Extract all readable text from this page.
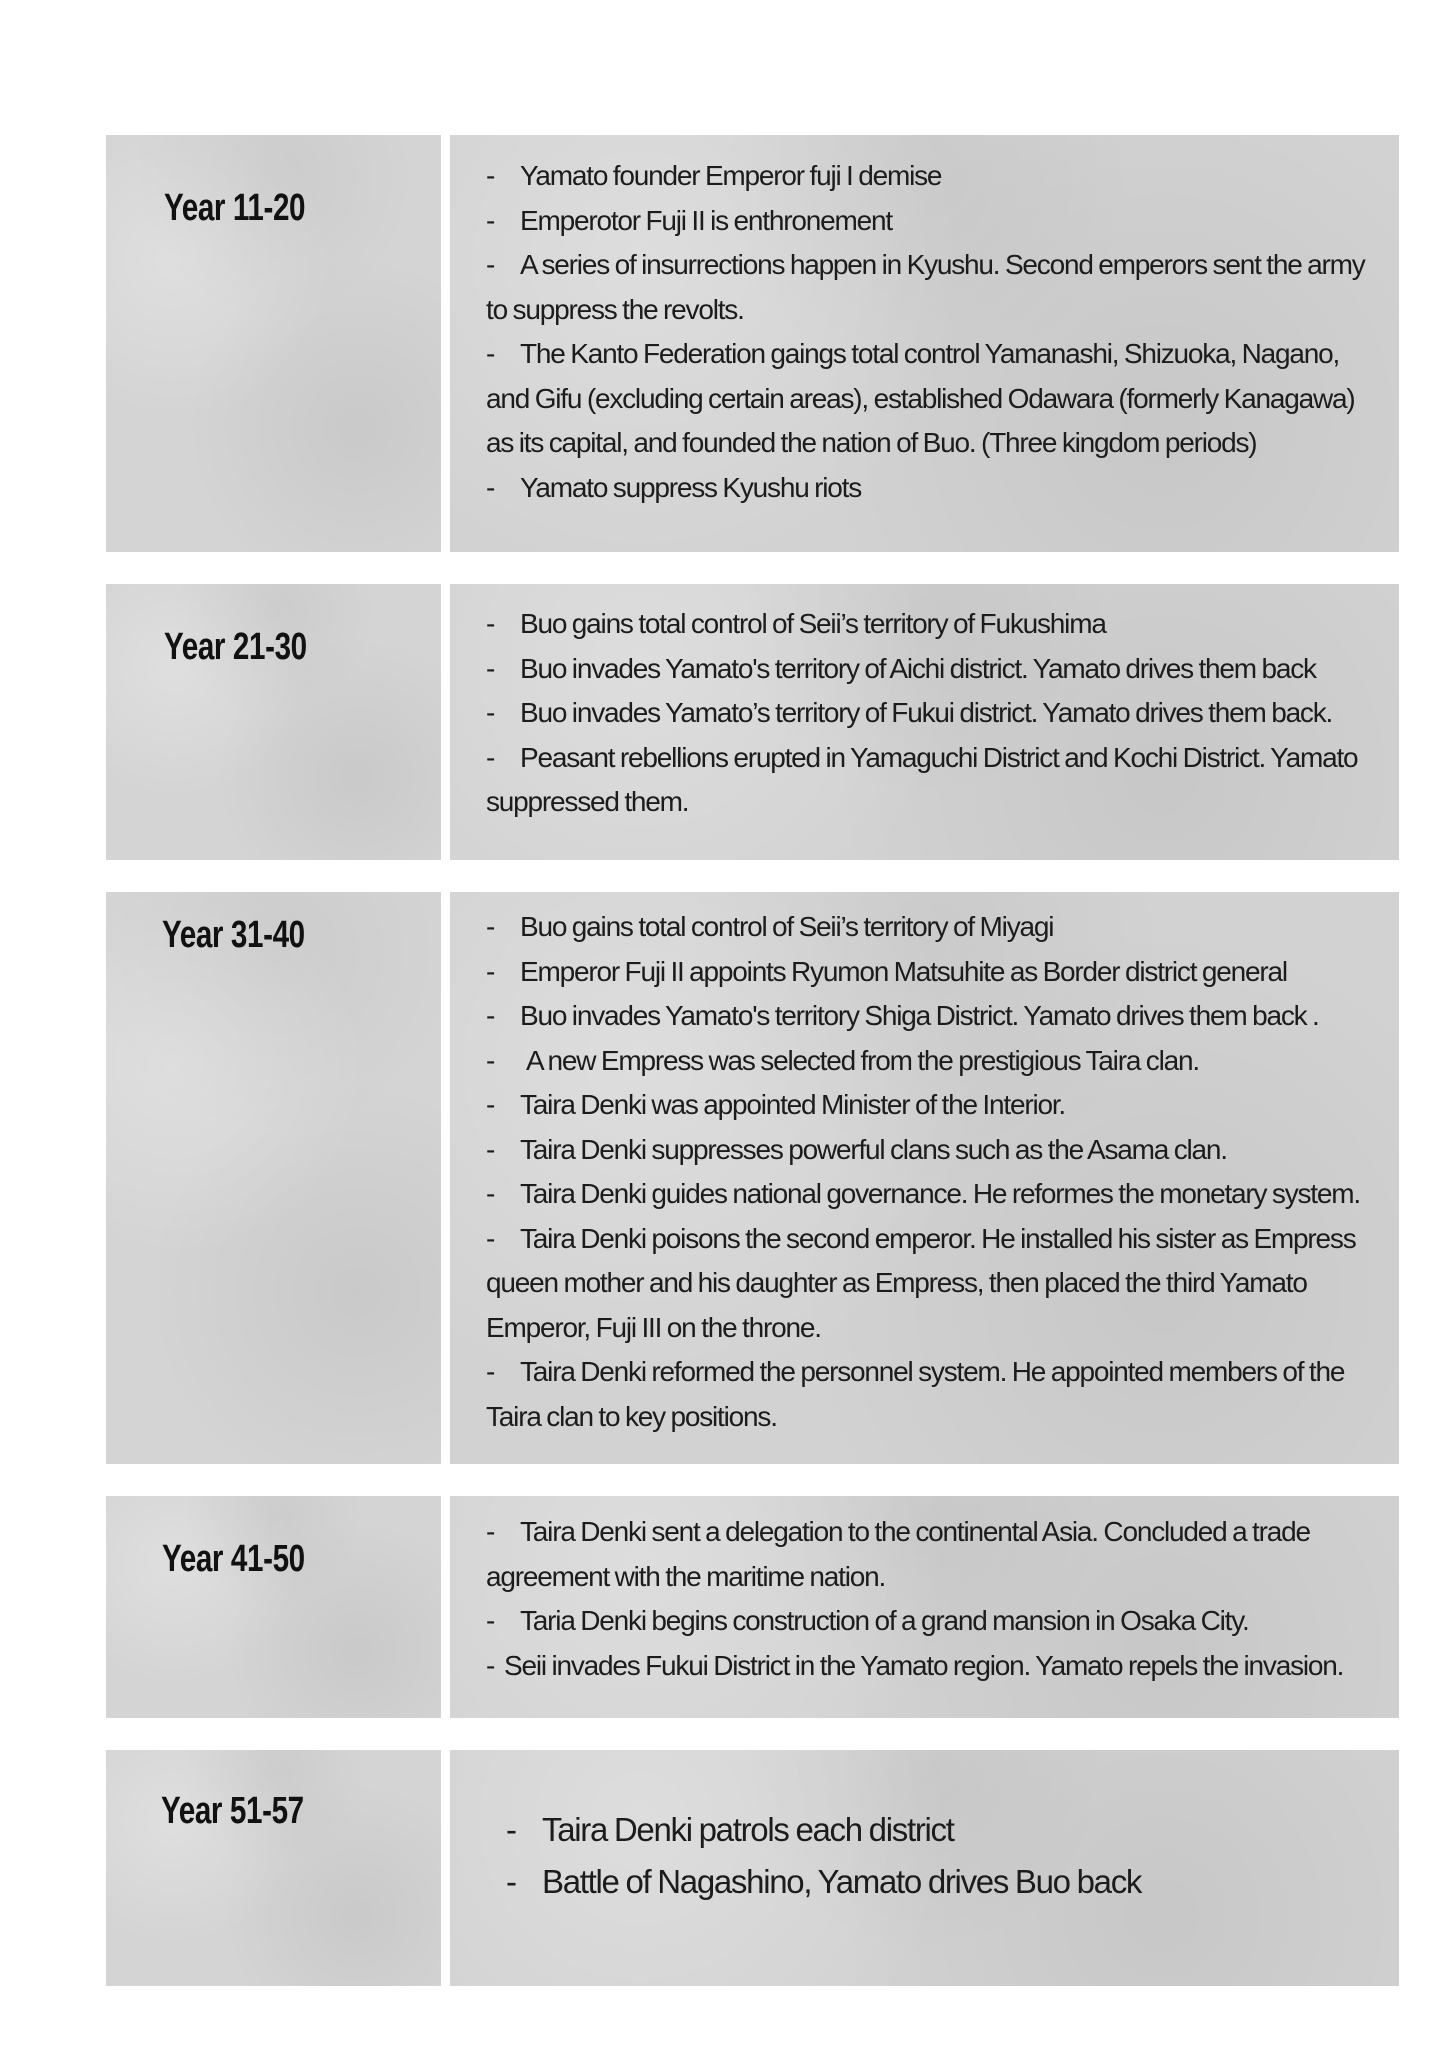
Year 11-20
- Yamato founder Emperor fuji I demise
- Emperotor Fuji II is enthronement
- A series of insurrections happen in Kyushu. Second emperors sent the army to suppress the revolts.
- The Kanto Federation gaings total control Yamanashi, Shizuoka, Nagano, and Gifu (excluding certain areas), established Odawara (formerly Kanagawa) as its capital, and founded the nation of Buo. (Three kingdom periods)
- Yamato suppress Kyushu riots
Year 21-30
- Buo gains total control of Seii’s territory of Fukushima
- Buo invades Yamato's territory of Aichi district. Yamato drives them back
- Buo invades Yamato’s territory of Fukui district. Yamato drives them back.
- Peasant rebellions erupted in Yamaguchi District and Kochi District. Yamato suppressed them.
Year 31-40	- Buo gains total control of Seii’s territory of Miyagi
- Emperor Fuji II appoints Ryumon Matsuhite as Border district general
- Buo invades Yamato's territory Shiga District. Yamato drives them back .
- A new Empress was selected from the prestigious Taira clan.
- Taira Denki was appointed Minister of the Interior.
- Taira Denki suppresses powerful clans such as the Asama clan.
- Taira Denki guides national governance. He reformes the monetary system.
- Taira Denki poisons the second emperor. He installed his sister as Empress queen mother and his daughter as Empress, then placed the third Yamato Emperor, Fuji III on the throne.
- Taira Denki reformed the personnel system. He appointed members of the Taira clan to key positions.
Year 41-50
- Taira Denki sent a delegation to the continental Asia. Concluded a trade agreement with the maritime nation.
- Taria Denki begins construction of a grand mansion in Osaka City.
- Seii invades Fukui District in the Yamato region. Yamato repels the invasion.
Year 51-57	- Taira Denki patrols each district
- Battle of Nagashino, Yamato drives Buo back
